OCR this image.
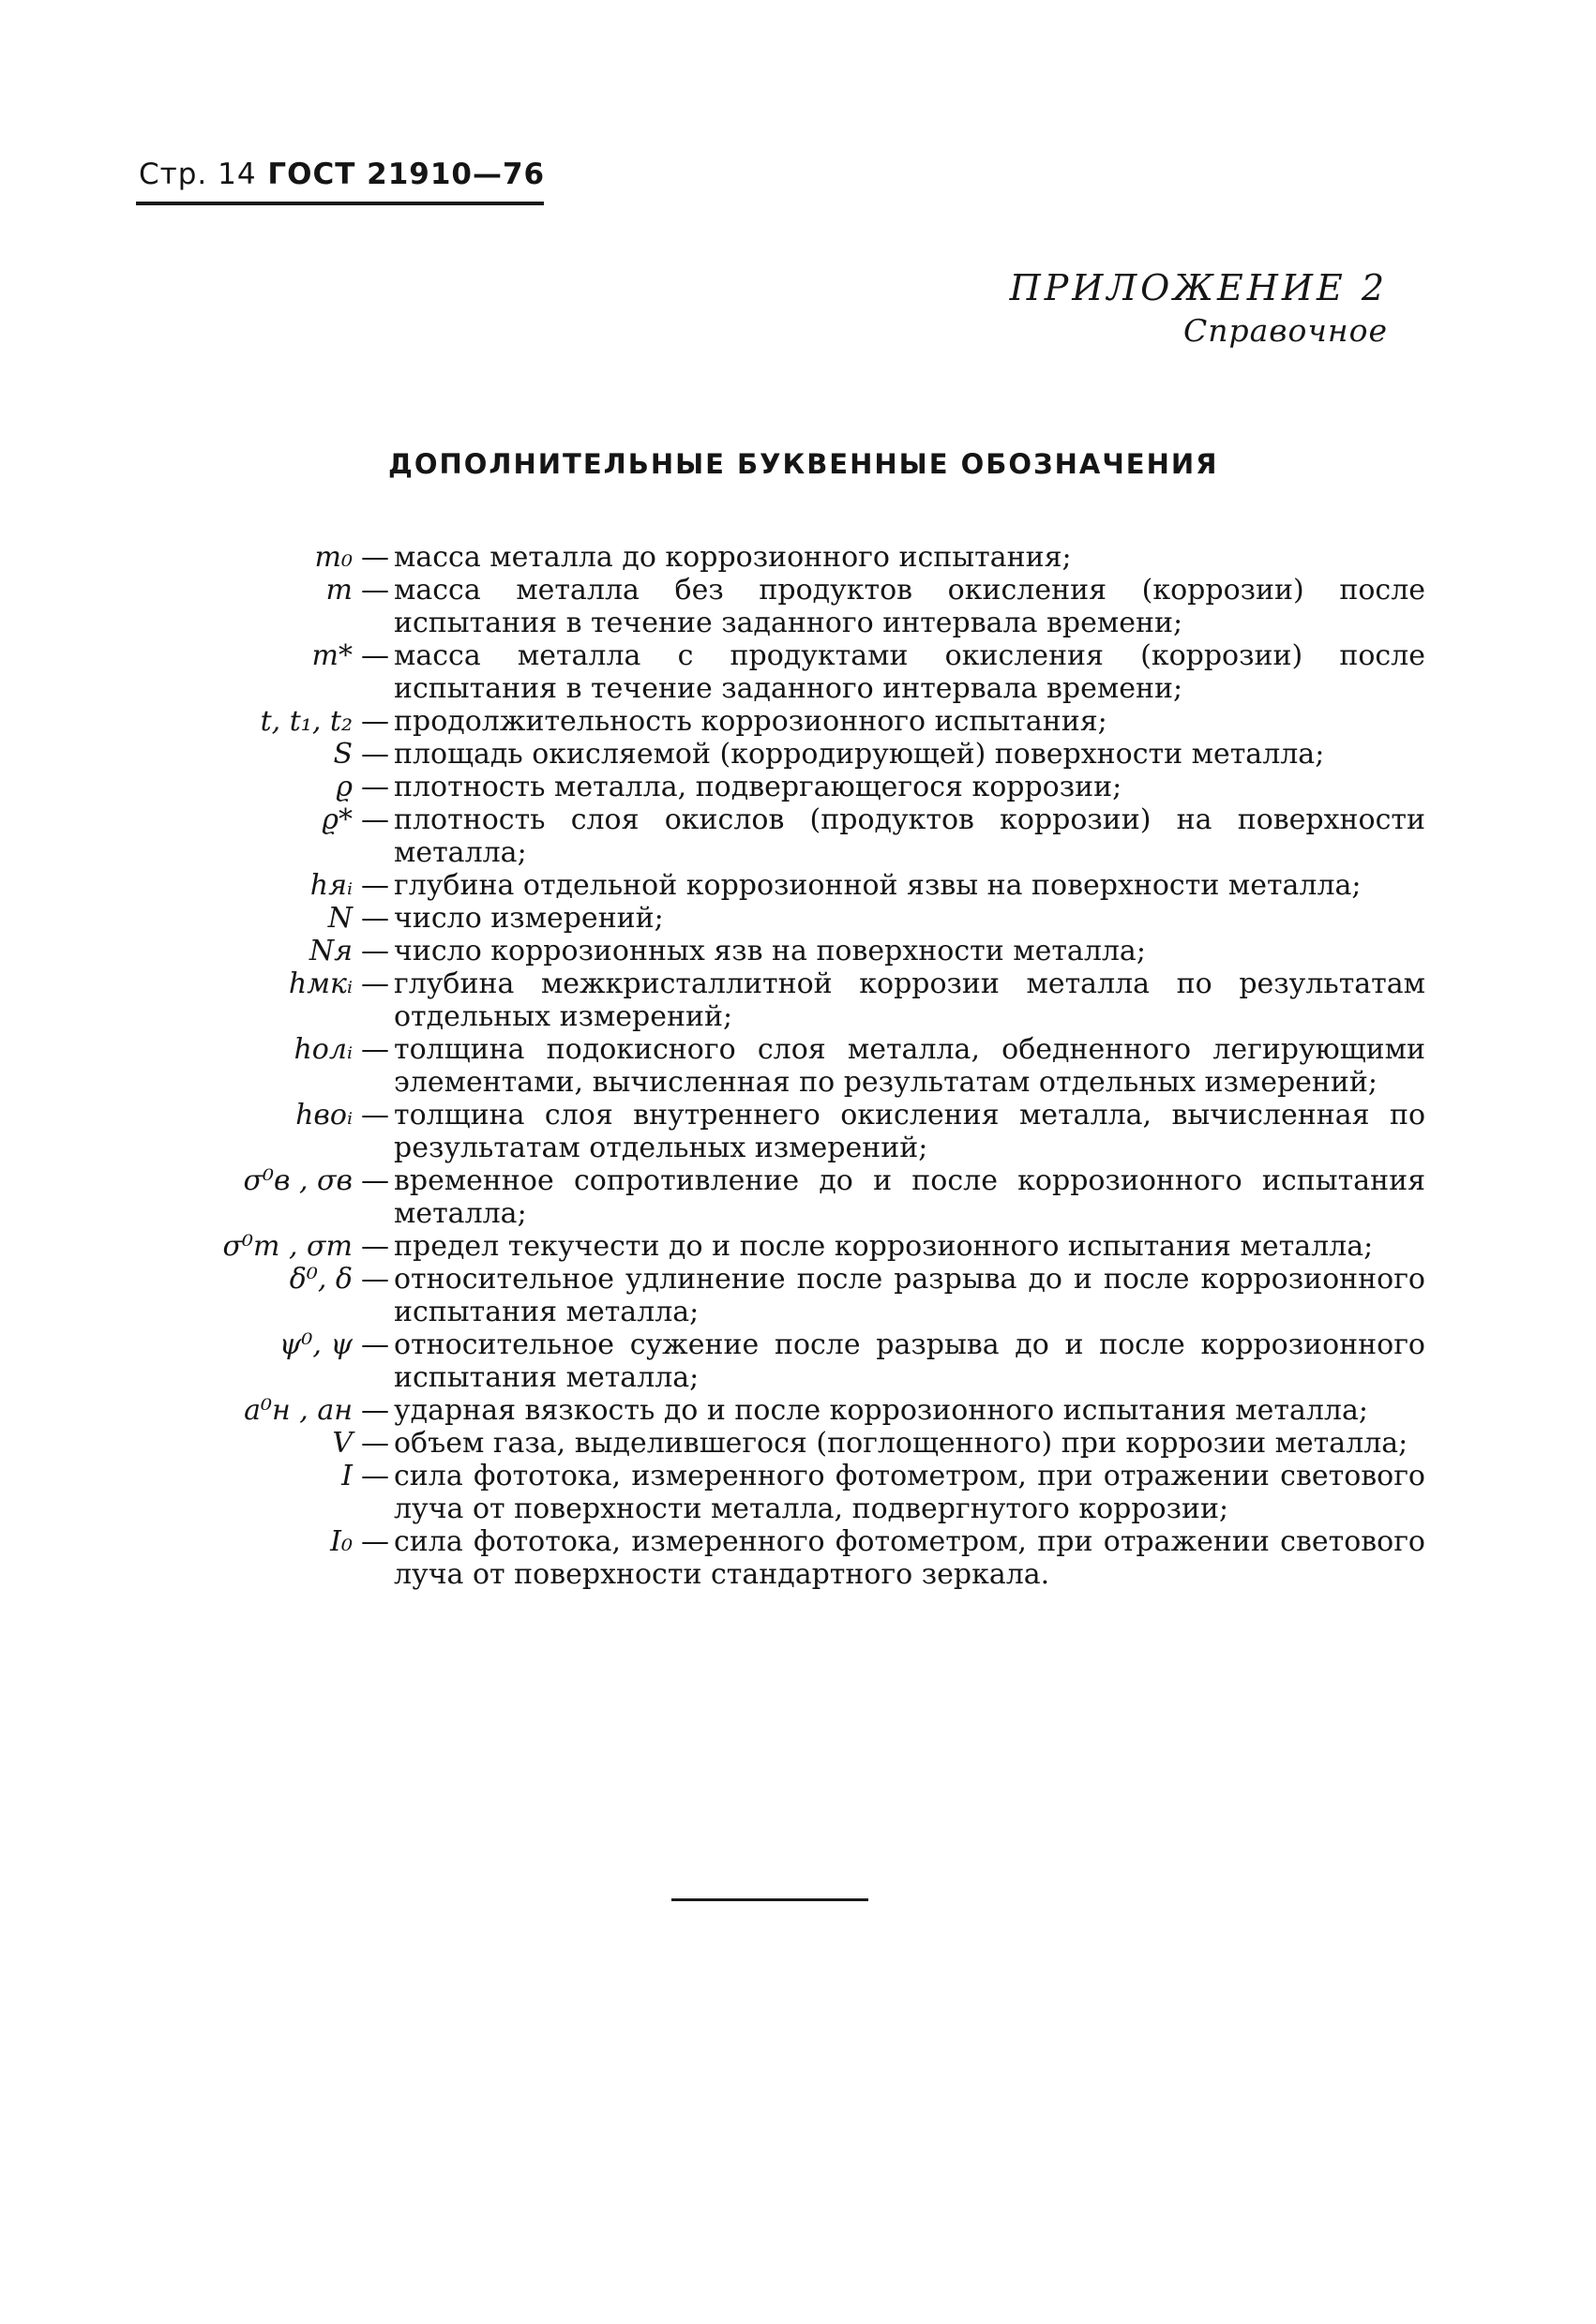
Стр. 14 ГОСТ 21910—76
ПРИЛОЖЕНИЕ 2
Справочное
ДОПОЛНИТЕЛЬНЫЕ БУКВЕННЫЕ ОБОЗНАЧЕНИЯ
m₀ — масса металла до коррозионного испытания;
m — масса металла без продуктов окисления (коррозии) после испытания в течение заданного интервала времени;
m* — масса металла с продуктами окисления (коррозии) после испытания в течение заданного интервала времени;
t, t₁, t₂ — продолжительность коррозионного испытания;
S — площадь окисляемой (корродирующей) поверхности металла;
ϱ — плотность металла, подвергающегося коррозии;
ϱ* — плотность слоя окислов (продуктов коррозии) на поверхности металла;
hяᵢ — глубина отдельной коррозионной язвы на поверхности металла;
N — число измерений;
Nя — число коррозионных язв на поверхности металла;
hмкᵢ — глубина межкристаллитной коррозии металла по результатам отдельных измерений;
hолᵢ — толщина подокисного слоя металла, обедненного легирующими элементами, вычисленная по результатам отдельных измерений;
hвоᵢ — толщина слоя внутреннего окисления металла, вычисленная по результатам отдельных измерений;
σ⁰в , σв — временное сопротивление до и после коррозионного испытания металла;
σ⁰т , σт — предел текучести до и после коррозионного испытания металла;
δ⁰, δ — относительное удлинение после разрыва до и после коррозионного испытания металла;
ψ⁰, ψ — относительное сужение после разрыва до и после коррозионного испытания металла;
a⁰н , aн — ударная вязкость до и после коррозионного испытания металла;
V — объем газа, выделившегося (поглощенного) при коррозии металла;
I — сила фототока, измеренного фотометром, при отражении светового луча от поверхности металла, подвергнутого коррозии;
I₀ — сила фототока, измеренного фотометром, при отражении светового луча от поверхности стандартного зеркала.
